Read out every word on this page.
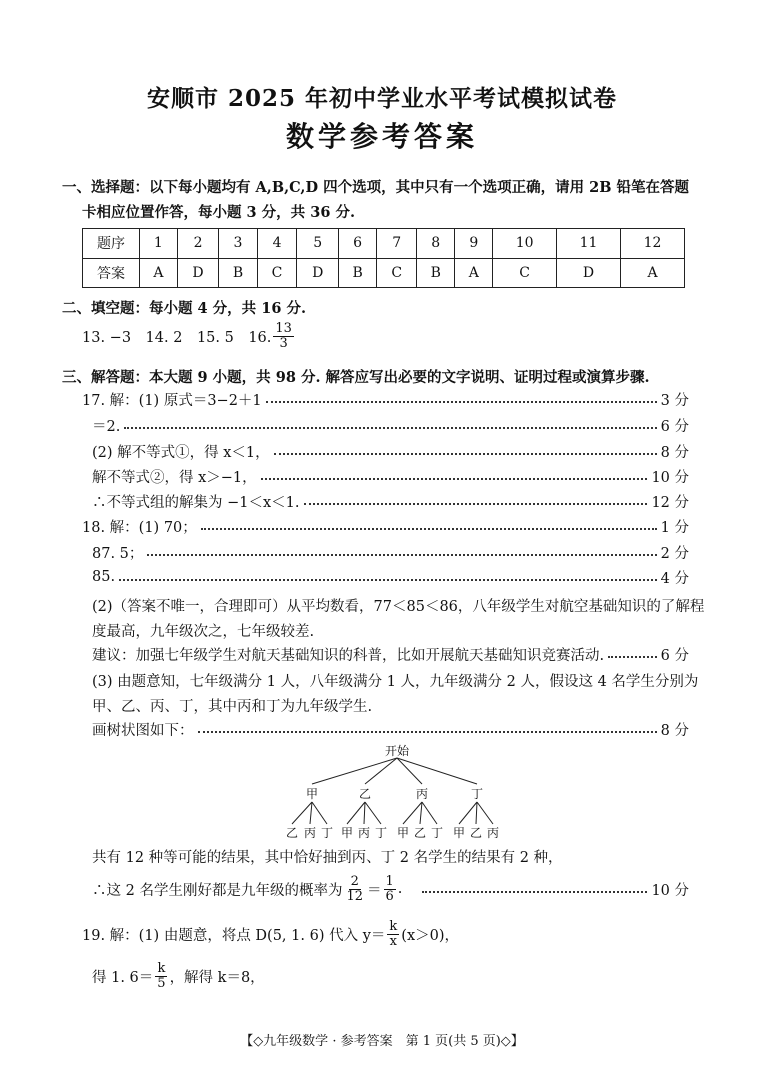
安顺市 2025 年初中学业水平考试模拟试卷
数学参考答案
一、选择题：以下每小题均有 A,B,C,D 四个选项，其中只有一个选项正确，请用 2B 铅笔在答题
卡相应位置作答，每小题 3 分，共 36 分.
题序	1	2	3	4	5	6	7	8	9	10	11	12
答案	A	D	B	C	D	B	C	B	A	C	D	A
二、填空题：每小题 4 分，共 16 分.
13. −3　14. 2　15. 5　16. $\frac{13}{3}$
三、解答题：本大题 9 小题，共 98 分. 解答应写出必要的文字说明、证明过程或演算步骤.
17. 解：(1) 原式＝3−2＋1	3 分
＝2.	6 分
(2) 解不等式①，得 x＜1，	8 分
解不等式②，得 x＞−1，	10 分
∴不等式组的解集为 −1＜x＜1.	12 分
18. 解：(1) 70；	1 分
87. 5；	2 分
85.	4 分
(2)（答案不唯一，合理即可）从平均数看，77＜85＜86，八年级学生对航空基础知识的了解程
度最高，九年级次之，七年级较差.
建议：加强七年级学生对航天基础知识的科普，比如开展航天基础知识竞赛活动.	6 分
(3) 由题意知，七年级满分 1 人，八年级满分 1 人，九年级满分 2 人，假设这 4 名学生分别为
甲、乙、丙、丁，其中丙和丁为九年级学生.
画树状图如下：	8 分
开始
甲	乙	丙	丁
乙 丙 丁 甲 丙 丁 甲 乙 丁 甲 乙 丙
共有 12 种等可能的结果，其中恰好抽到丙、丁 2 名学生的结果有 2 种，
∴这 2 名学生刚好都是九年级的概率为 $\frac{2}{12} = \frac{1}{6}$ .	10 分
19. 解：(1) 由题意，将点 D(5, 1. 6) 代入 $y= \frac{k}{x} (x>0)$，
得 1. $6= \frac{k}{5}$ ，解得 k＝8，
【◇九年级数学 · 参考答案　第 1 页(共 5 页)◇】
